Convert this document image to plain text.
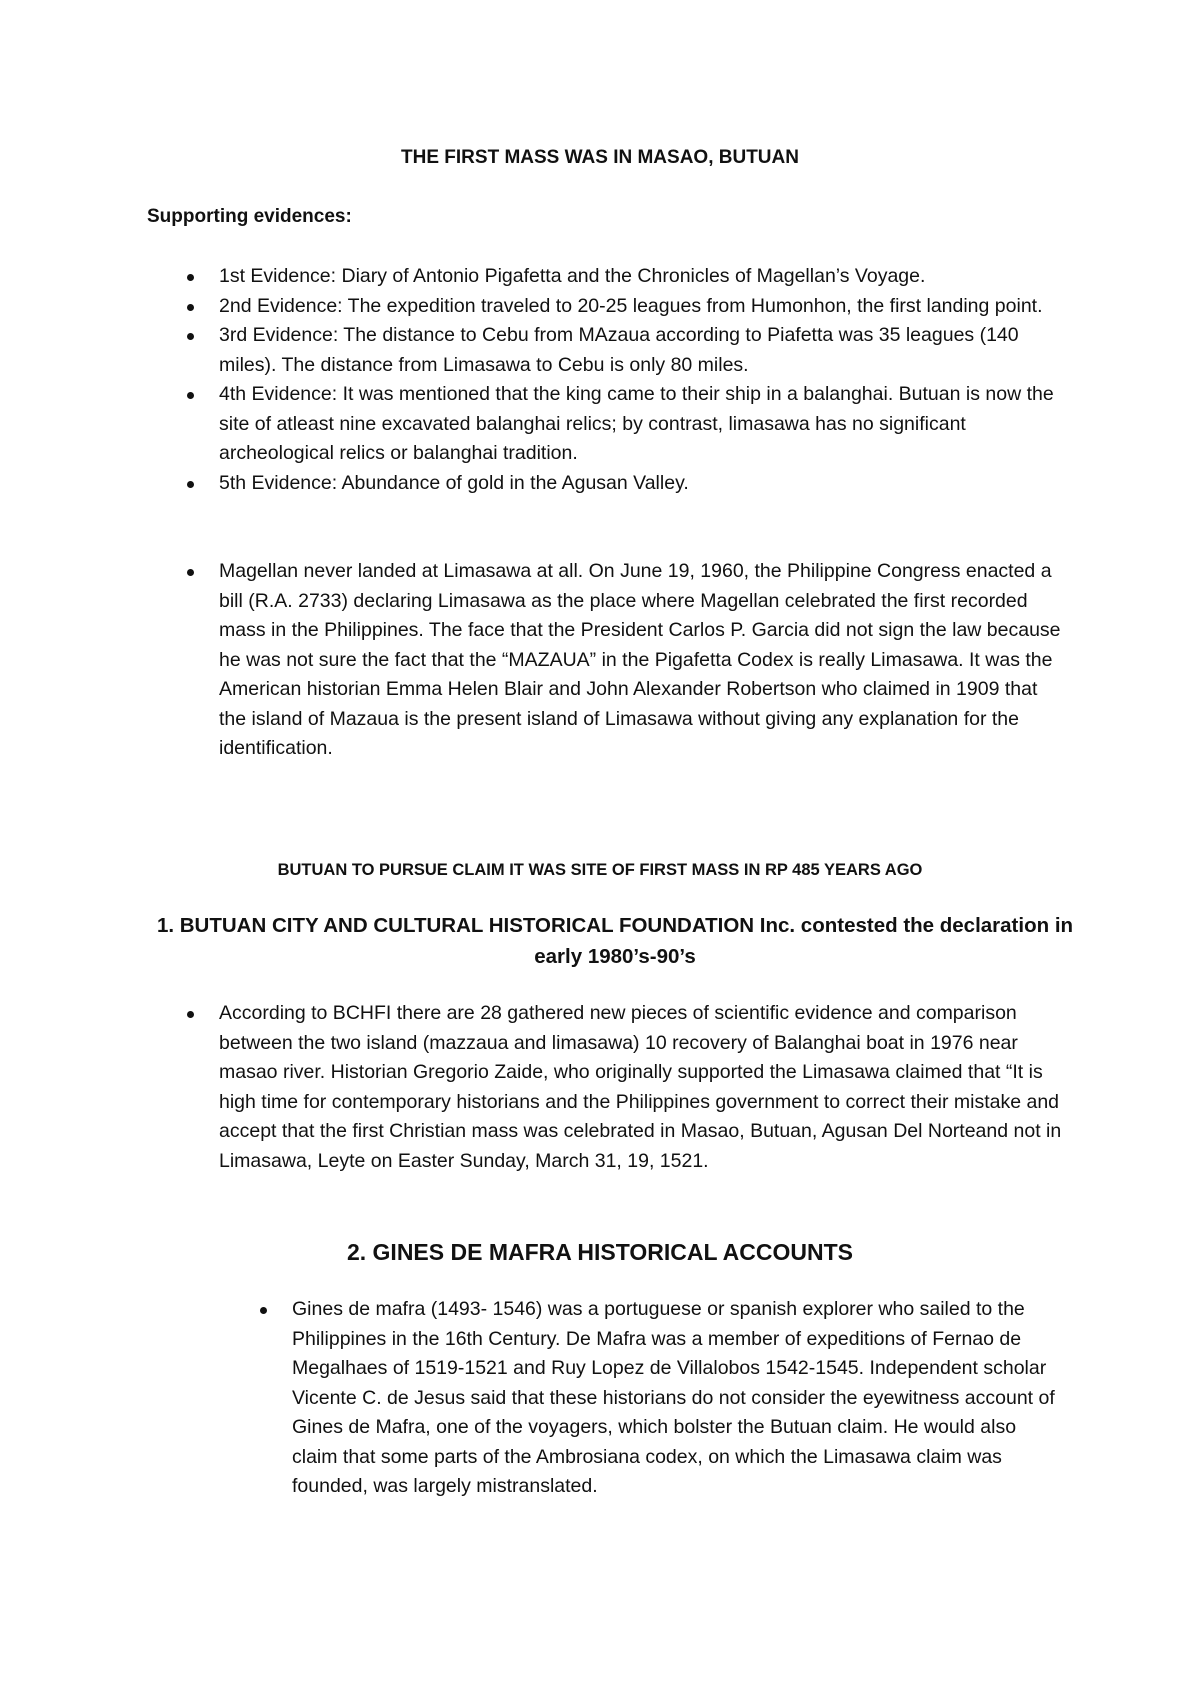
THE FIRST MASS WAS IN MASAO, BUTUAN
Supporting evidences:
1st Evidence: Diary of Antonio Pigafetta and the Chronicles of Magellan’s Voyage.
2nd Evidence: The expedition traveled to 20-25 leagues from Humonhon, the first landing point.
3rd Evidence: The distance to Cebu from MAzaua according to Piafetta was 35 leagues (140 miles). The distance from Limasawa to Cebu is only 80 miles.
4th Evidence: It was mentioned that the king came to their ship in a balanghai. Butuan is now the site of atleast nine excavated balanghai relics; by contrast, limasawa has no significant archeological relics or balanghai tradition.
5th Evidence: Abundance of gold in the Agusan Valley.
Magellan never landed at Limasawa at all. On June 19, 1960, the Philippine Congress enacted a bill (R.A. 2733) declaring Limasawa as the place where Magellan celebrated the first recorded mass in the Philippines. The face that the President Carlos P. Garcia did not sign the law because he was not sure the fact that the “MAZAUA” in the Pigafetta Codex is really Limasawa. It was the American historian Emma Helen Blair and John Alexander Robertson who claimed in 1909 that the island of Mazaua is the present island of Limasawa without giving any explanation for the identification.
BUTUAN TO PURSUE CLAIM IT WAS SITE OF FIRST MASS IN RP 485 YEARS AGO
1. BUTUAN CITY AND CULTURAL HISTORICAL FOUNDATION Inc. contested the declaration in early 1980’s-90’s
According to BCHFI there are 28 gathered new pieces of scientific evidence and comparison between the two island (mazzaua and limasawa) 10 recovery of Balanghai boat in 1976 near masao river. Historian Gregorio Zaide, who originally supported the Limasawa claimed that “It is high time for contemporary historians and the Philippines government to correct their mistake and accept that the first Christian mass was celebrated in Masao, Butuan, Agusan Del Norteand not in Limasawa, Leyte on Easter Sunday, March 31, 19, 1521.
2. GINES DE MAFRA HISTORICAL ACCOUNTS
Gines de mafra (1493- 1546) was a portuguese or spanish explorer who sailed to the Philippines in the 16th Century. De Mafra was a member of expeditions of Fernao de Megalhaes of 1519-1521 and Ruy Lopez de Villalobos 1542-1545. Independent scholar Vicente C. de Jesus said that these historians do not consider the eyewitness account of Gines de Mafra, one of the voyagers, which bolster the Butuan claim. He would also claim that some parts of the Ambrosiana codex, on which the Limasawa claim was founded, was largely mistranslated.
